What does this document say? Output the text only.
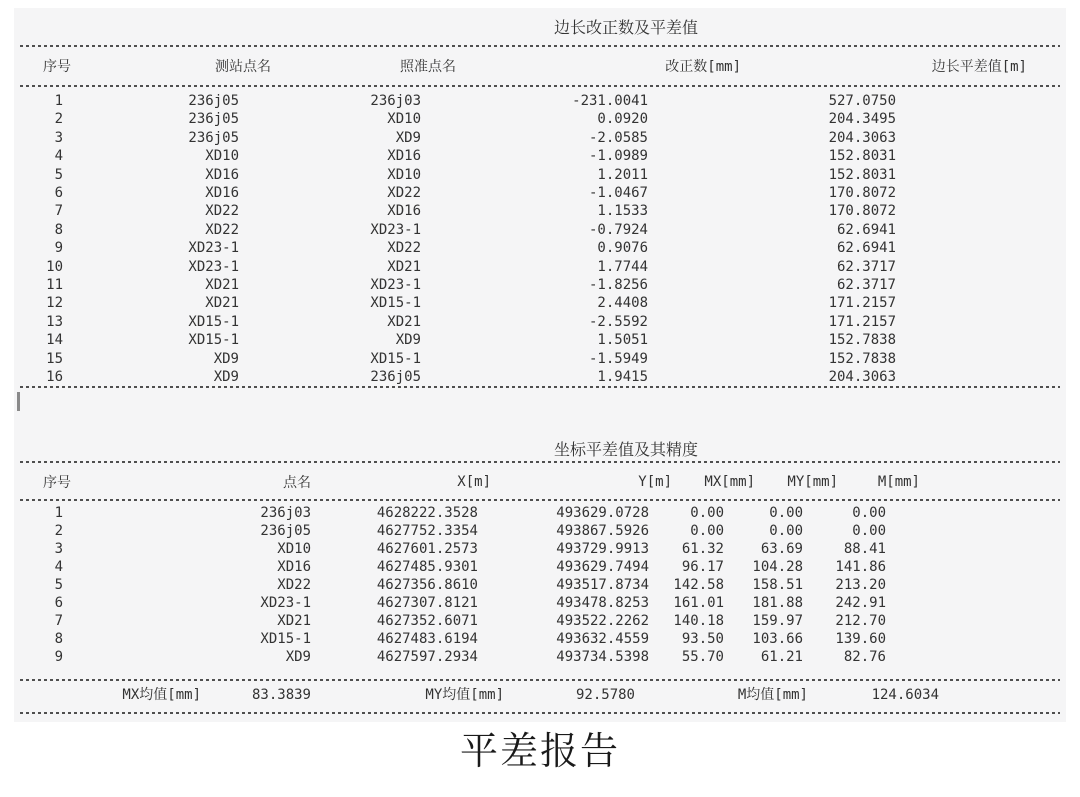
边长改正数及平差值
序号	测站点名	照准点名	改正数[mm]	边长平差值[m]
1	236j05	236j03	-231.0041	527.0750
2	236j05	XD10	0.0920	204.3495
3	236j05	XD9	-2.0585	204.3063
4	XD10	XD16	-1.0989	152.8031
5	XD16	XD10	1.2011	152.8031
6	XD16	XD22	-1.0467	170.8072
7	XD22	XD16	1.1533	170.8072
8	XD22	XD23-1	-0.7924	62.6941
9	XD23-1	XD22	0.9076	62.6941
10	XD23-1	XD21	1.7744	62.3717
11	XD21	XD23-1	-1.8256	62.3717
12	XD21	XD15-1	2.4408	171.2157
13	XD15-1	XD21	-2.5592	171.2157
14	XD15-1	XD9	1.5051	152.7838
15	XD9	XD15-1	-1.5949	152.7838
16	XD9	236j05	1.9415	204.3063
坐标平差值及其精度
序号	点名	X[m]	Y[m]	MX[mm]	MY[mm]	M[mm]
1	236j03	4628222.3528	493629.0728	0.00	0.00	0.00
2	236j05	4627752.3354	493867.5926	0.00	0.00	0.00
3	XD10	4627601.2573	493729.9913	61.32	63.69	88.41
4	XD16	4627485.9301	493629.7494	96.17	104.28	141.86
5	XD22	4627356.8610	493517.8734	142.58	158.51	213.20
6	XD23-1	4627307.8121	493478.8253	161.01	181.88	242.91
7	XD21	4627352.6071	493522.2262	140.18	159.97	212.70
8	XD15-1	4627483.6194	493632.4559	93.50	103.66	139.60
9	XD9	4627597.2934	493734.5398	55.70	61.21	82.76
MX均值[mm]	83.3839	MY均值[mm]	92.5780	M均值[mm]	124.6034
平差报告
